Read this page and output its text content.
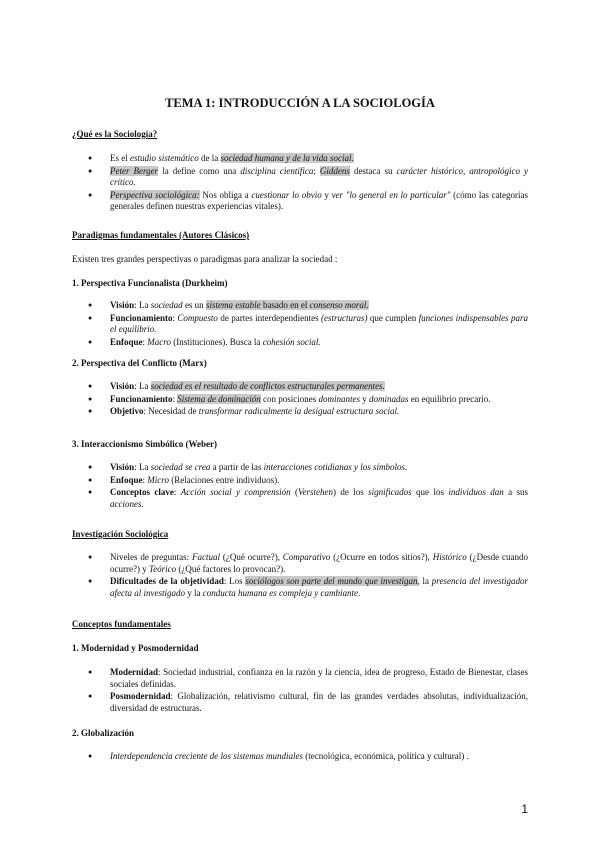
TEMA 1: INTRODUCCIÓN A LA SOCIOLOGÍA
¿Qué es la Sociología?
● Es el estudio sistemático de la sociedad humana y de la vida social.
● Peter Berger la define como una disciplina científica; Giddens destaca su carácter histórico, antropológico y crítico.
● Perspectiva sociológica: Nos obliga a cuestionar lo obvio y ver "lo general en lo particular" (cómo las categorías generales definen nuestras experiencias vitales).
Paradigmas fundamentales (Autores Clásicos)
Existen tres grandes perspectivas o paradigmas para analizar la sociedad :
1. Perspectiva Funcionalista (Durkheim)
● Visión: La sociedad es un sistema estable basado en el consenso moral.
● Funcionamiento: Compuesto de partes interdependientes (estructuras) que cumplen funciones indispensables para el equilibrio.
● Enfoque: Macro (Instituciones). Busca la cohesión social.
2. Perspectiva del Conflicto (Marx)
● Visión: La sociedad es el resultado de conflictos estructurales permanentes.
● Funcionamiento: Sistema de dominación con posiciones dominantes y dominadas en equilibrio precario.
● Objetivo: Necesidad de transformar radicalmente la desigual estructura social.
3. Interaccionismo Simbólico (Weber)
● Visión: La sociedad se crea a partir de las interacciones cotidianas y los símbolos.
● Enfoque: Micro (Relaciones entre individuos).
● Conceptos clave: Acción social y comprensión (Verstehen) de los significados que los individuos dan a sus acciones.
Investigación Sociológica
● Niveles de preguntas: Factual (¿Qué ocurre?), Comparativo (¿Ocurre en todos sitios?), Histórico (¿Desde cuando ocurre?) y Teórico (¿Qué factores lo provocan?).
● Dificultades de la objetividad: Los sociólogos son parte del mundo que investigan, la presencia del investigador afecta al investigado y la conducta humana es compleja y cambiante.
Conceptos fundamentales
1. Modernidad y Posmodernidad
● Modernidad: Sociedad industrial, confianza en la razón y la ciencia, idea de progreso, Estado de Bienestar, clases sociales definidas.
● Posmodernidad: Globalización, relativismo cultural, fin de las grandes verdades absolutas, individualización, diversidad de estructuras.
2. Globalización
● Interdependencia creciente de los sistemas mundiales (tecnológica, económica, política y cultural) .
1
